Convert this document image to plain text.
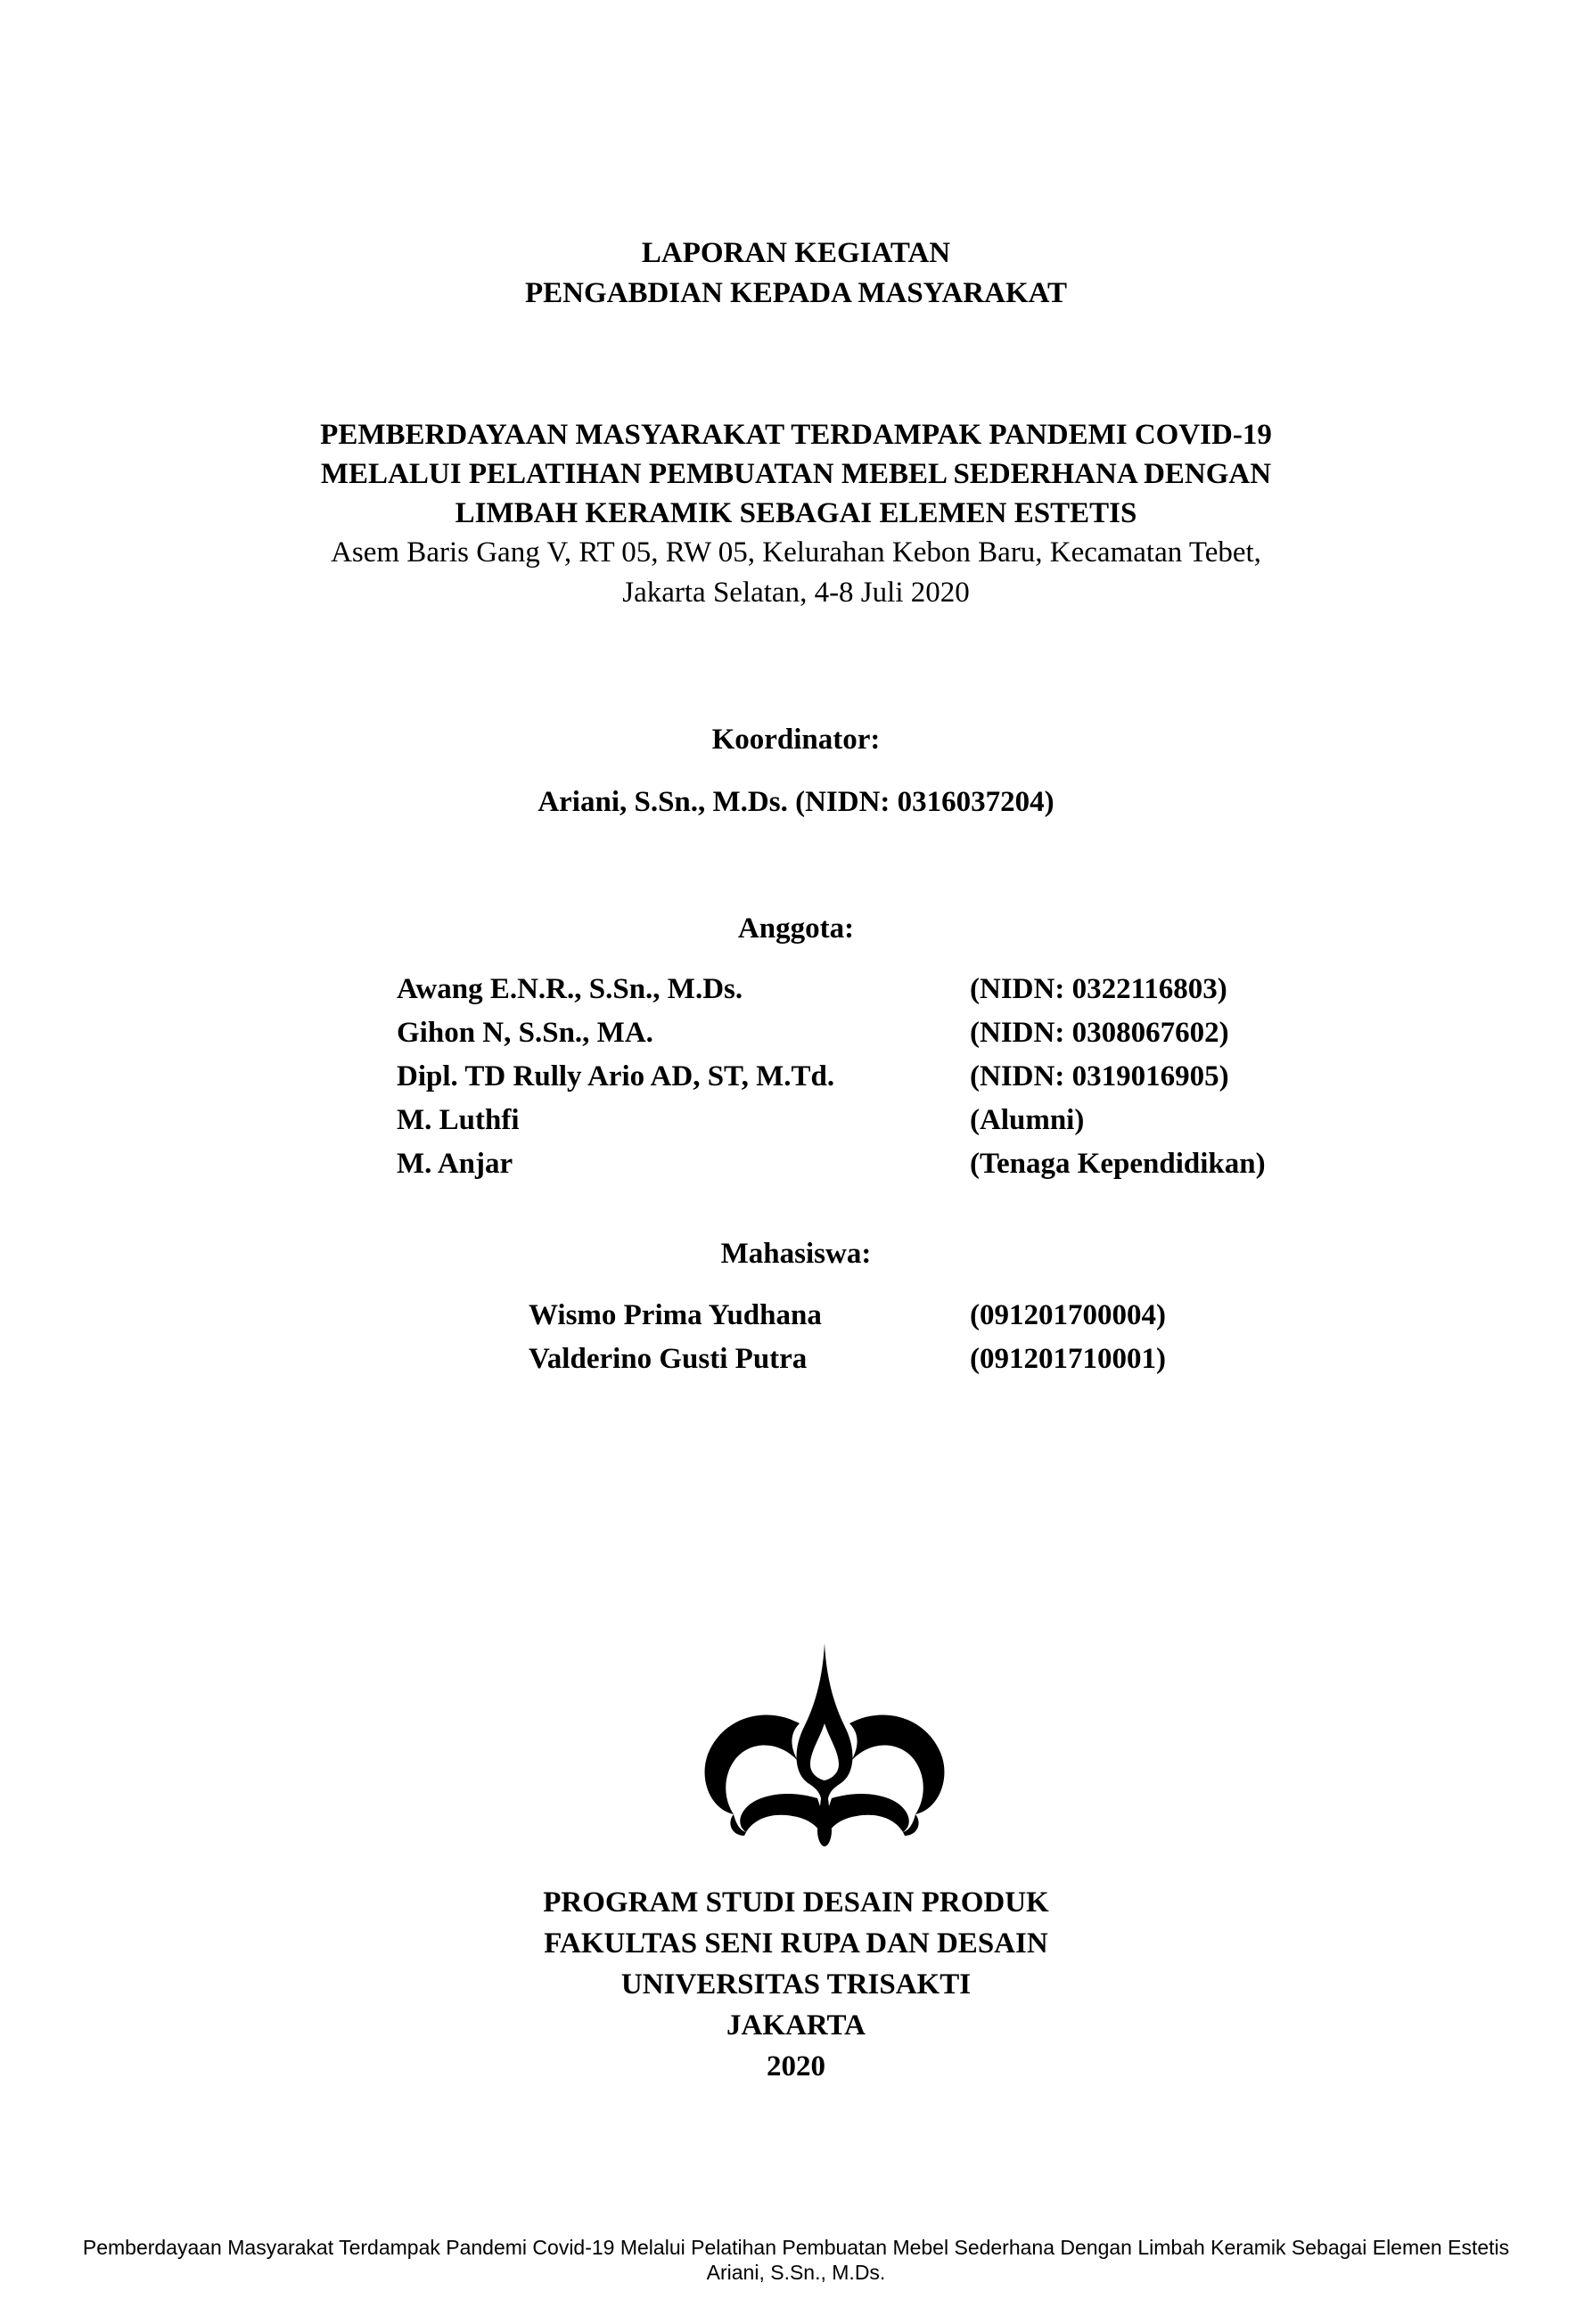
LAPORAN KEGIATAN
PENGABDIAN KEPADA MASYARAKAT
PEMBERDAYAAN MASYARAKAT TERDAMPAK PANDEMI COVID-19
MELALUI PELATIHAN PEMBUATAN MEBEL SEDERHANA DENGAN
LIMBAH KERAMIK SEBAGAI ELEMEN ESTETIS
Asem Baris Gang V, RT 05, RW 05, Kelurahan Kebon Baru, Kecamatan Tebet,
Jakarta Selatan, 4-8 Juli 2020
Koordinator:
Ariani, S.Sn., M.Ds. (NIDN: 0316037204)
Anggota:
Awang E.N.R., S.Sn., M.Ds.	(NIDN: 0322116803)
Gihon N, S.Sn., MA.	(NIDN: 0308067602)
Dipl. TD Rully Ario AD, ST, M.Td.	(NIDN: 0319016905)
M. Luthfi	(Alumni)
M. Anjar	(Tenaga Kependidikan)
Mahasiswa:
Wismo Prima Yudhana	(091201700004)
Valderino Gusti Putra	(091201710001)
PROGRAM STUDI DESAIN PRODUK
FAKULTAS SENI RUPA DAN DESAIN
UNIVERSITAS TRISAKTI
JAKARTA
2020
Pemberdayaan Masyarakat Terdampak Pandemi Covid-19 Melalui Pelatihan Pembuatan Mebel Sederhana Dengan Limbah Keramik Sebagai Elemen Estetis
Ariani, S.Sn., M.Ds.
